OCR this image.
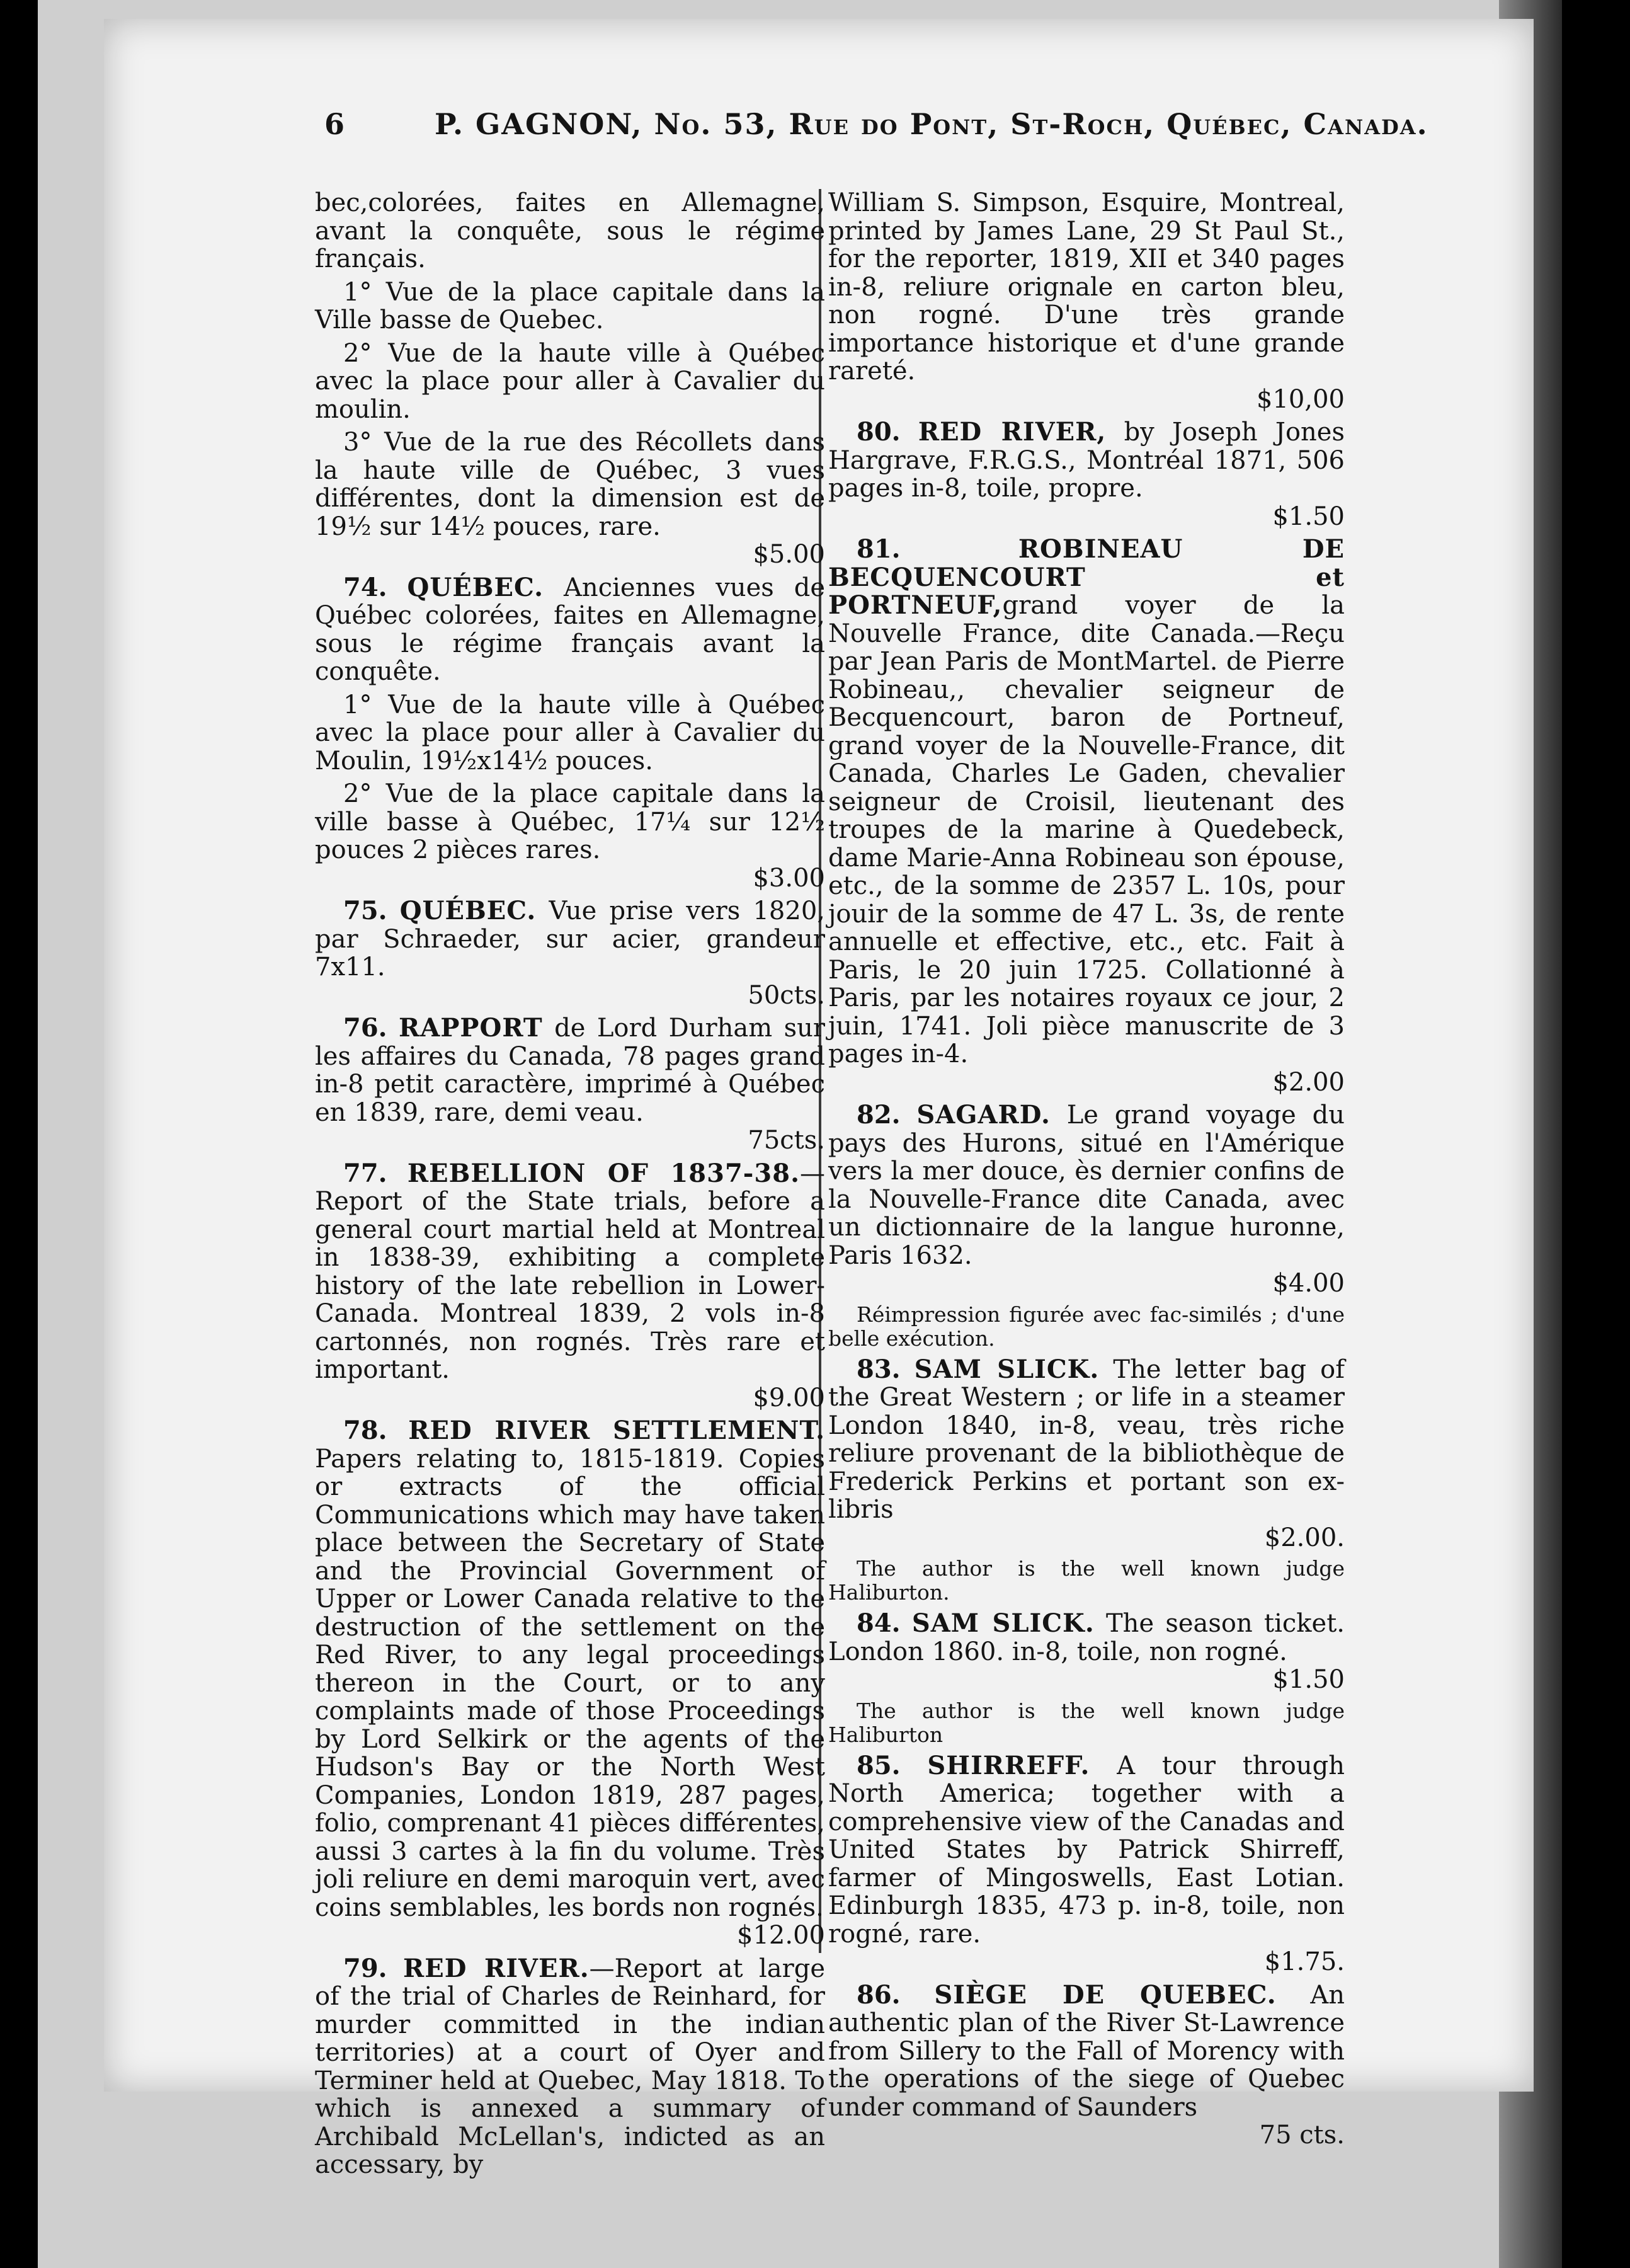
6	P. GAGNON, No. 53, Rue do Pont, St-Roch, Québec, Canada.

bec,colorées, faites en Allemagne, avant la conquête, sous le régime français.

1° Vue de la place capitale dans la Ville basse de Quebec.

2° Vue de la haute ville à Québec avec la place pour aller à Cavalier du moulin.

3° Vue de la rue des Récollets dans la haute ville de Québec, 3 vues différentes, dont la dimension est de 19½ sur 14½ pouces, rare.
$5.00

74. QUÉBEC. Anciennes vues de Québec colorées, faites en Allemagne, sous le régime français avant la conquête.

1° Vue de la haute ville à Québec avec la place pour aller à Cavalier du Moulin, 19½x14½ pouces.

2° Vue de la place capitale dans la ville basse à Québec, 17¼ sur 12½ pouces 2 pièces rares.
$3.00

75. QUÉBEC. Vue prise vers 1820, par Schraeder, sur acier, grandeur 7x11.
50cts.

76. RAPPORT de Lord Durham sur les affaires du Canada, 78 pages grand in-8 petit caractère, imprimé à Québec en 1839, rare, demi veau.
75cts.

77. REBELLION OF 1837-38.—Report of the State trials, before a general court martial held at Montreal in 1838-39, exhibiting a complete history of the late rebellion in Lower-Canada. Montreal 1839, 2 vols in-8 cartonnés, non rognés. Très rare et important.
$9.00

78. RED RIVER SETTLEMENT. Papers relating to, 1815-1819. Copies or extracts of the official Communications which may have taken place between the Secretary of State and the Provincial Government of Upper or Lower Canada relative to the destruction of the settlement on the Red River, to any legal proceedings thereon in the Court, or to any complaints made of those Proceedings by Lord Selkirk or the agents of the Hudson's Bay or the North West Companies, London 1819, 287 pages, folio, comprenant 41 pièces différentes, aussi 3 cartes à la fin du volume. Très joli reliure en demi maroquin vert, avec coins semblables, les bords non rognés.
$12.00

79. RED RIVER.—Report at large of the trial of Charles de Reinhard, for murder committed in the indian territories) at a court of Oyer and Terminer held at Quebec, May 1818. To which is annexed a summary of Archibald McLellan's, indicted as an accessary, by

William S. Simpson, Esquire, Montreal, printed by James Lane, 29 St Paul St., for the reporter, 1819, XII et 340 pages in-8, reliure orignale en carton bleu, non rogné. D'une très grande importance historique et d'une grande rareté.
$10,00

80. RED RIVER, by Joseph Jones Hargrave, F.R.G.S., Montréal 1871, 506 pages in-8, toile, propre.
$1.50

81.	ROBINEAU DE BECQUENCOURT et PORTNEUF,grand voyer de la Nouvelle France, dite Canada.—Reçu par Jean Paris de MontMartel. de Pierre Robineau,, chevalier seigneur de Becquencourt, baron de Portneuf, grand voyer de la Nouvelle-France, dit Canada, Charles Le Gaden, chevalier seigneur de Croisil, lieutenant des troupes de la marine à Quedebeck, dame Marie-Anna Robineau son épouse, etc., de la somme de 2357 L. 10s, pour jouir de la somme de 47 L. 3s, de rente annuelle et effective, etc., etc. Fait à Paris, le 20 juin 1725. Collationné à Paris, par les notaires royaux ce jour, 2 juin, 1741. Joli pièce manuscrite de 3 pages in-4.
$2.00

82. SAGARD. Le grand voyage du pays des Hurons, situé en l'Amérique vers la mer douce, ès dernier confins de la Nouvelle-France dite Canada, avec un dictionnaire de la langue huronne, Paris 1632.
$4.00

Réimpression figurée avec fac-similés ; d'une belle exécution.

83. SAM SLICK. The letter bag of the Great Western ; or life in a steamer London 1840, in-8, veau, très riche reliure provenant de la bibliothèque de Frederick Perkins et portant son ex-libris
$2.00.

The author is the well known judge Haliburton.

84. SAM SLICK. The season ticket. London 1860. in-8, toile, non rogné.
$1.50

The author is the well known judge Haliburton

85. SHIRREFF. A tour through North America; together with a comprehensive view of the Canadas and United States by Patrick Shirreff, farmer of Mingoswells, East Lotian. Edinburgh 1835, 473 p. in-8, toile, non rogné, rare.
$1.75.

86. SIÈGE DE QUEBEC. An authentic plan of the River St-Lawrence from Sillery to the Fall of Morency with the operations of the siege of Quebec under command of Saunders
75 cts.
